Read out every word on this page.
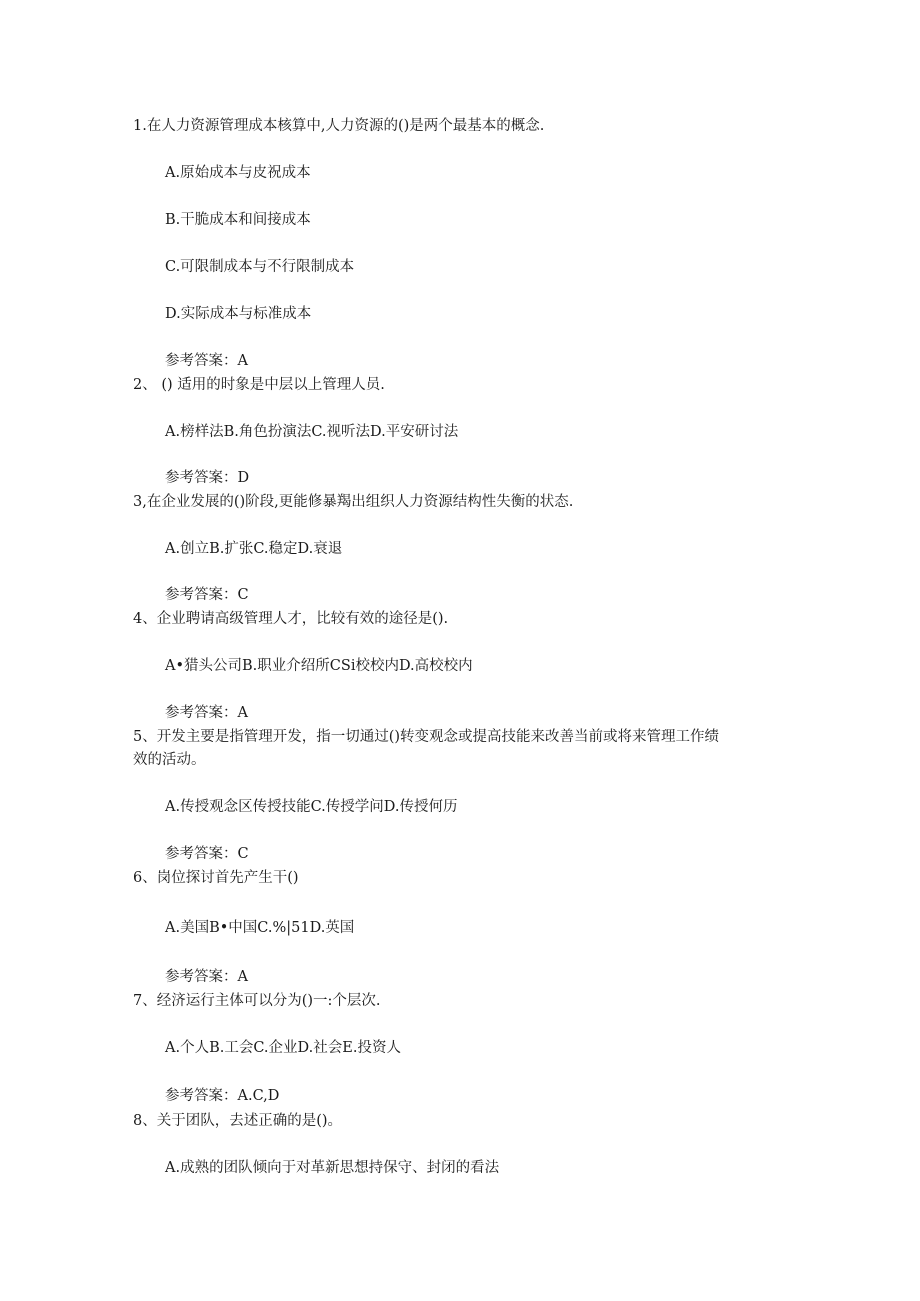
1.在人力资源管理成本核算中,人力资源的()是两个最基本的概念.
A.原始成本与皮祝成本
B.干脆成本和间接成本
C.可限制成本与不行限制成本
D.实际成本与标准成本
参考答案：A
2、 () 适用的时象是中层以上管理人员.
A.榜样法B.角色扮演法C.视听法D.平安研讨法
参考答案：D
3,在企业发展的()阶段,更能修暴羯出组织人力资源结构性失衡的状态.
A.创立B.扩张C.稳定D.衰退
参考答案：C
4、企业聘请高级管理人才，比较有效的途径是().
A•猎头公司B.职业介绍所CSi校校内D.高校校内
参考答案：A
5、开发主要是指管理开发，指一切通过()转变观念或提高技能来改善当前或将来管理工作绩
效的活动。
A.传授观念区传授技能C.传授学问D.传授何历
参考答案：C
6、岗位探讨首先产生干()
A.美国B•中国C.%|51D.英国
参考答案：A
7、经济运行主体可以分为()一:个层次.
A.个人B.工会C.企业D.社会E.投资人
参考答案：A.C,D
8、关于团队，去述正确的是()。
A.成熟的团队倾向于对革新思想持保守、封闭的看法
